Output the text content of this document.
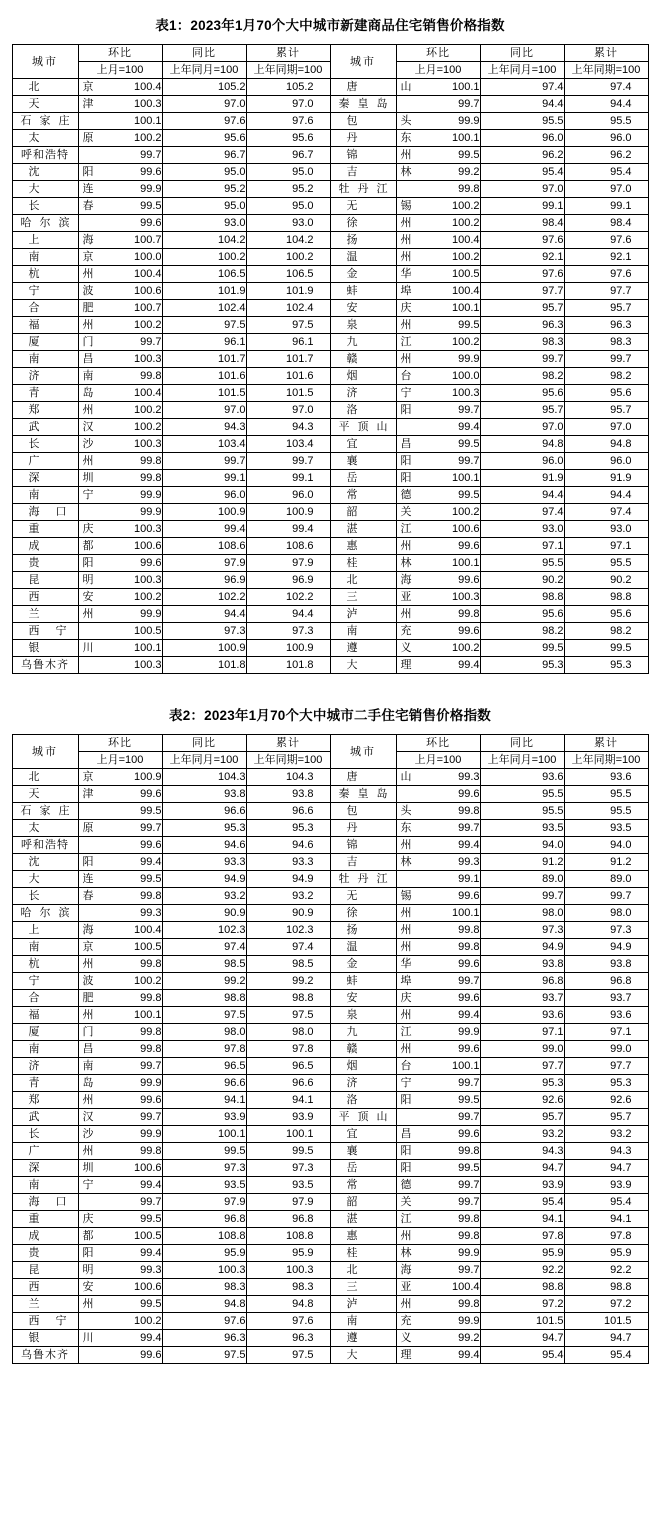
表1：2023年1月70个大中城市新建商品住宅销售价格指数
城市	环比	同比	累计	城市	环比	同比	累计
	上月=100	上年同月=100	上年同期=100		上月=100	上年同月=100	上年同期=100
北　京	100.4	105.2	105.2	唐　山	100.1	97.4	97.4
天　津	100.3	97.0	97.0	秦皇岛	99.7	94.4	94.4
石家庄	100.1	97.6	97.6	包　头	99.9	95.5	95.5
太　原	100.2	95.6	95.6	丹　东	100.1	96.0	96.0
呼和浩特	99.7	96.7	96.7	锦　州	99.5	96.2	96.2
沈　阳	99.6	95.0	95.0	吉　林	99.2	95.4	95.4
大　连	99.9	95.2	95.2	牡丹江	99.8	97.0	97.0
长　春	99.5	95.0	95.0	无　锡	100.2	99.1	99.1
哈尔滨	99.6	93.0	93.0	徐　州	100.2	98.4	98.4
上　海	100.7	104.2	104.2	扬　州	100.4	97.6	97.6
南　京	100.0	100.2	100.2	温　州	100.2	92.1	92.1
杭　州	100.4	106.5	106.5	金　华	100.5	97.6	97.6
宁　波	100.6	101.9	101.9	蚌　埠	100.4	97.7	97.7
合　肥	100.7	102.4	102.4	安　庆	100.1	95.7	95.7
福　州	100.2	97.5	97.5	泉　州	99.5	96.3	96.3
厦　门	99.7	96.1	96.1	九　江	100.2	98.3	98.3
南　昌	100.3	101.7	101.7	赣　州	99.9	99.7	99.7
济　南	99.8	101.6	101.6	烟　台	100.0	98.2	98.2
青　岛	100.4	101.5	101.5	济　宁	100.3	95.6	95.6
郑　州	100.2	97.0	97.0	洛　阳	99.7	95.7	95.7
武　汉	100.2	94.3	94.3	平顶山	99.4	97.0	97.0
长　沙	100.3	103.4	103.4	宜　昌	99.5	94.8	94.8
广　州	99.8	99.7	99.7	襄　阳	99.7	96.0	96.0
深　圳	99.8	99.1	99.1	岳　阳	100.1	91.9	91.9
南　宁	99.9	96.0	96.0	常　德	99.5	94.4	94.4
海口	99.9	100.9	100.9	韶　关	100.2	97.4	97.4
重　庆	100.3	99.4	99.4	湛　江	100.6	93.0	93.0
成　都	100.6	108.6	108.6	惠　州	99.6	97.1	97.1
贵　阳	99.6	97.9	97.9	桂　林	100.1	95.5	95.5
昆　明	100.3	96.9	96.9	北　海	99.6	90.2	90.2
西　安	100.2	102.2	102.2	三　亚	100.3	98.8	98.8
兰　州	99.9	94.4	94.4	泸　州	99.8	95.6	95.6
西宁	100.5	97.3	97.3	南　充	99.6	98.2	98.2
银　川	100.1	100.9	100.9	遵　义	100.2	99.5	99.5
乌鲁木齐	100.3	101.8	101.8	大　理	99.4	95.3	95.3
表2：2023年1月70个大中城市二手住宅销售价格指数
城市	环比	同比	累计	城市	环比	同比	累计
	上月=100	上年同月=100	上年同期=100		上月=100	上年同月=100	上年同期=100
北　京	100.9	104.3	104.3	唐　山	99.3	93.6	93.6
天　津	99.6	93.8	93.8	秦皇岛	99.6	95.5	95.5
石家庄	99.5	96.6	96.6	包　头	99.8	95.5	95.5
太　原	99.7	95.3	95.3	丹　东	99.7	93.5	93.5
呼和浩特	99.6	94.6	94.6	锦　州	99.4	94.0	94.0
沈　阳	99.4	93.3	93.3	吉　林	99.3	91.2	91.2
大　连	99.5	94.9	94.9	牡丹江	99.1	89.0	89.0
长　春	99.8	93.2	93.2	无　锡	99.6	99.7	99.7
哈尔滨	99.3	90.9	90.9	徐　州	100.1	98.0	98.0
上　海	100.4	102.3	102.3	扬　州	99.8	97.3	97.3
南　京	100.5	97.4	97.4	温　州	99.8	94.9	94.9
杭　州	99.8	98.5	98.5	金　华	99.6	93.8	93.8
宁　波	100.2	99.2	99.2	蚌　埠	99.7	96.8	96.8
合　肥	99.8	98.8	98.8	安　庆	99.6	93.7	93.7
福　州	100.1	97.5	97.5	泉　州	99.4	93.6	93.6
厦　门	99.8	98.0	98.0	九　江	99.9	97.1	97.1
南　昌	99.8	97.8	97.8	赣　州	99.6	99.0	99.0
济　南	99.7	96.5	96.5	烟　台	100.1	97.7	97.7
青　岛	99.9	96.6	96.6	济　宁	99.7	95.3	95.3
郑　州	99.6	94.1	94.1	洛　阳	99.5	92.6	92.6
武　汉	99.7	93.9	93.9	平顶山	99.7	95.7	95.7
长　沙	99.9	100.1	100.1	宜　昌	99.6	93.2	93.2
广　州	99.8	99.5	99.5	襄　阳	99.8	94.3	94.3
深　圳	100.6	97.3	97.3	岳　阳	99.5	94.7	94.7
南　宁	99.4	93.5	93.5	常　德	99.7	93.9	93.9
海口	99.7	97.9	97.9	韶　关	99.7	95.4	95.4
重　庆	99.5	96.8	96.8	湛　江	99.8	94.1	94.1
成　都	100.5	108.8	108.8	惠　州	99.8	97.8	97.8
贵　阳	99.4	95.9	95.9	桂　林	99.9	95.9	95.9
昆　明	99.3	100.3	100.3	北　海	99.7	92.2	92.2
西　安	100.6	98.3	98.3	三　亚	100.4	98.8	98.8
兰　州	99.5	94.8	94.8	泸　州	99.8	97.2	97.2
西宁	100.2	97.6	97.6	南　充	99.9	101.5	101.5
银　川	99.4	96.3	96.3	遵　义	99.2	94.7	94.7
乌鲁木齐	99.6	97.5	97.5	大　理	99.4	95.4	95.4
